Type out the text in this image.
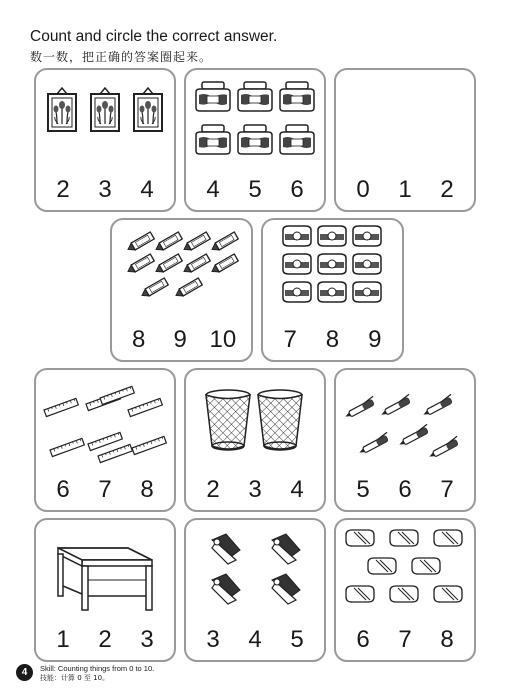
Count and circle the correct answer.
数一数，把正确的答案圈起来。
2 3 4 4 5 6 0 1 2
8 9 10 7 8 9
6 7 8 2 3 4 5 6 7
1 2 3 3 4 5 6 7 8
4	Skill: Counting things from 0 to 10.
技能：计算 0 至 10。
